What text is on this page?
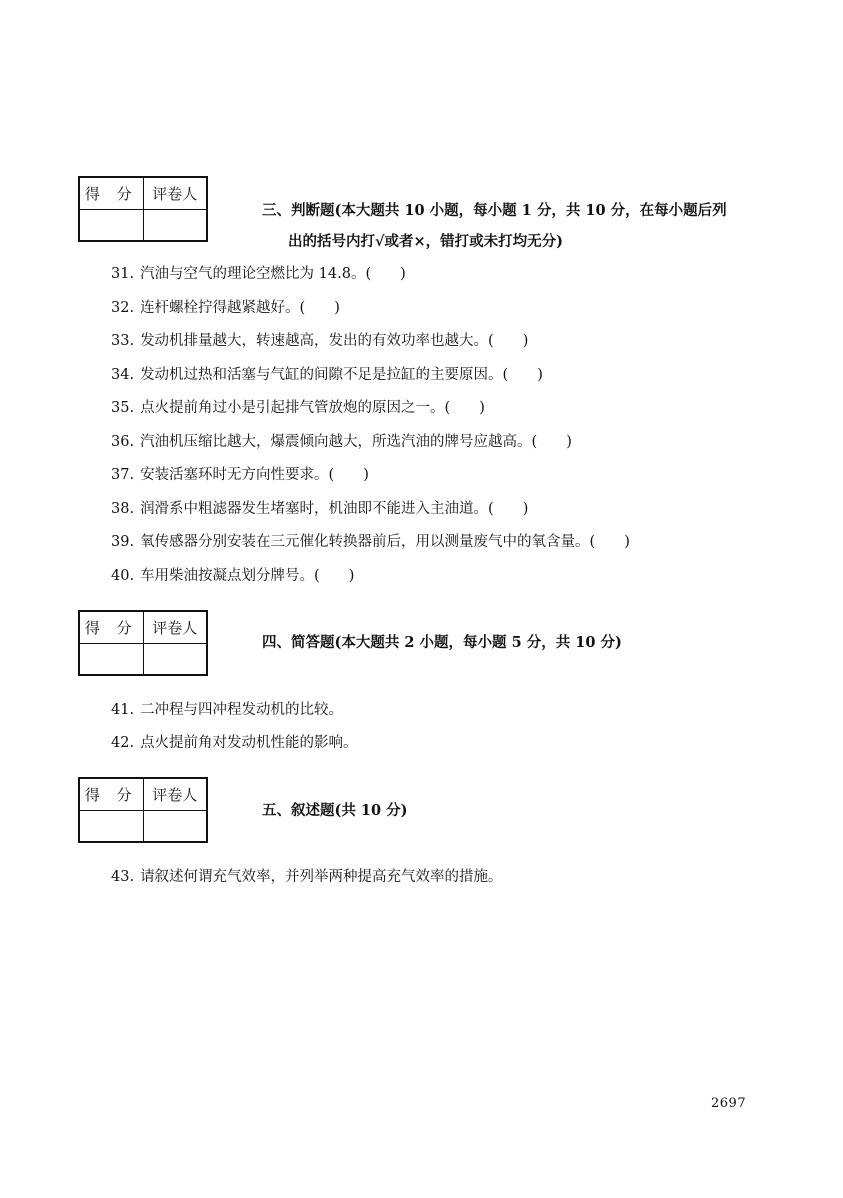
得 分	评卷人

三、判断题(本大题共 10 小题，每小题 1 分，共 10 分，在每小题后列
出的括号内打√或者×，错打或未打均无分)
31. 汽油与空气的理论空燃比为 14.8。(　　)
32. 连杆螺栓拧得越紧越好。(　　)
33. 发动机排量越大，转速越高，发出的有效功率也越大。(　　)
34. 发动机过热和活塞与气缸的间隙不足是拉缸的主要原因。(　　)
35. 点火提前角过小是引起排气管放炮的原因之一。(　　)
36. 汽油机压缩比越大，爆震倾向越大，所选汽油的牌号应越高。(　　)
37. 安装活塞环时无方向性要求。(　　)
38. 润滑系中粗滤器发生堵塞时，机油即不能进入主油道。(　　)
39. 氧传感器分别安装在三元催化转换器前后，用以测量废气中的氧含量。(　　)
40. 车用柴油按凝点划分牌号。(　　)
得 分	评卷人

四、简答题(本大题共 2 小题，每小题 5 分，共 10 分)
41. 二冲程与四冲程发动机的比较。
42. 点火提前角对发动机性能的影响。
得 分	评卷人

五、叙述题(共 10 分)
43. 请叙述何谓充气效率，并列举两种提高充气效率的措施。
2697
